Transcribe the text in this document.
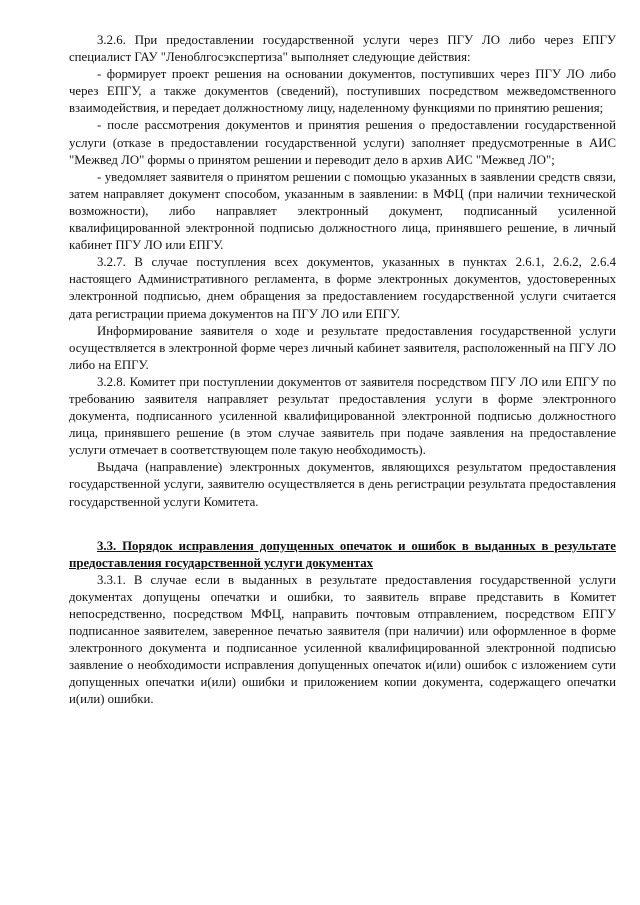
3.2.6. При предоставлении государственной услуги через ПГУ ЛО либо через ЕПГУ специалист ГАУ "Леноблгосэкспертиза" выполняет следующие действия:

- формирует проект решения на основании документов, поступивших через ПГУ ЛО либо через ЕПГУ, а также документов (сведений), поступивших посредством межведомственного взаимодействия, и передает должностному лицу, наделенному функциями по принятию решения;

- после рассмотрения документов и принятия решения о предоставлении государственной услуги (отказе в предоставлении государственной услуги) заполняет предусмотренные в АИС "Межвед ЛО" формы о принятом решении и переводит дело в архив АИС "Межвед ЛО";

- уведомляет заявителя о принятом решении с помощью указанных в заявлении средств связи, затем направляет документ способом, указанным в заявлении: в МФЦ (при наличии технической возможности), либо направляет электронный документ, подписанный усиленной квалифицированной электронной подписью должностного лица, принявшего решение, в личный кабинет ПГУ ЛО или ЕПГУ.

3.2.7. В случае поступления всех документов, указанных в пунктах 2.6.1, 2.6.2, 2.6.4 настоящего Административного регламента, в форме электронных документов, удостоверенных электронной подписью, днем обращения за предоставлением государственной услуги считается дата регистрации приема документов на ПГУ ЛО или ЕПГУ.

Информирование заявителя о ходе и результате предоставления государственной услуги осуществляется в электронной форме через личный кабинет заявителя, расположенный на ПГУ ЛО либо на ЕПГУ.

3.2.8. Комитет при поступлении документов от заявителя посредством ПГУ ЛО или ЕПГУ по требованию заявителя направляет результат предоставления услуги в форме электронного документа, подписанного усиленной квалифицированной электронной подписью должностного лица, принявшего решение (в этом случае заявитель при подаче заявления на предоставление услуги отмечает в соответствующем поле такую необходимость).

Выдача (направление) электронных документов, являющихся результатом предоставления государственной услуги, заявителю осуществляется в день регистрации результата предоставления государственной услуги Комитета.

3.3. Порядок исправления допущенных опечаток и ошибок в выданных в результате предоставления государственной услуги документах

3.3.1. В случае если в выданных в результате предоставления государственной услуги документах допущены опечатки и ошибки, то заявитель вправе представить в Комитет непосредственно, посредством МФЦ, направить почтовым отправлением, посредством ЕПГУ подписанное заявителем, заверенное печатью заявителя (при наличии) или оформленное в форме электронного документа и подписанное усиленной квалифицированной электронной подписью заявление о необходимости исправления допущенных опечаток и(или) ошибок с изложением сути допущенных опечатки и(или) ошибки и приложением копии документа, содержащего опечатки и(или) ошибки.
